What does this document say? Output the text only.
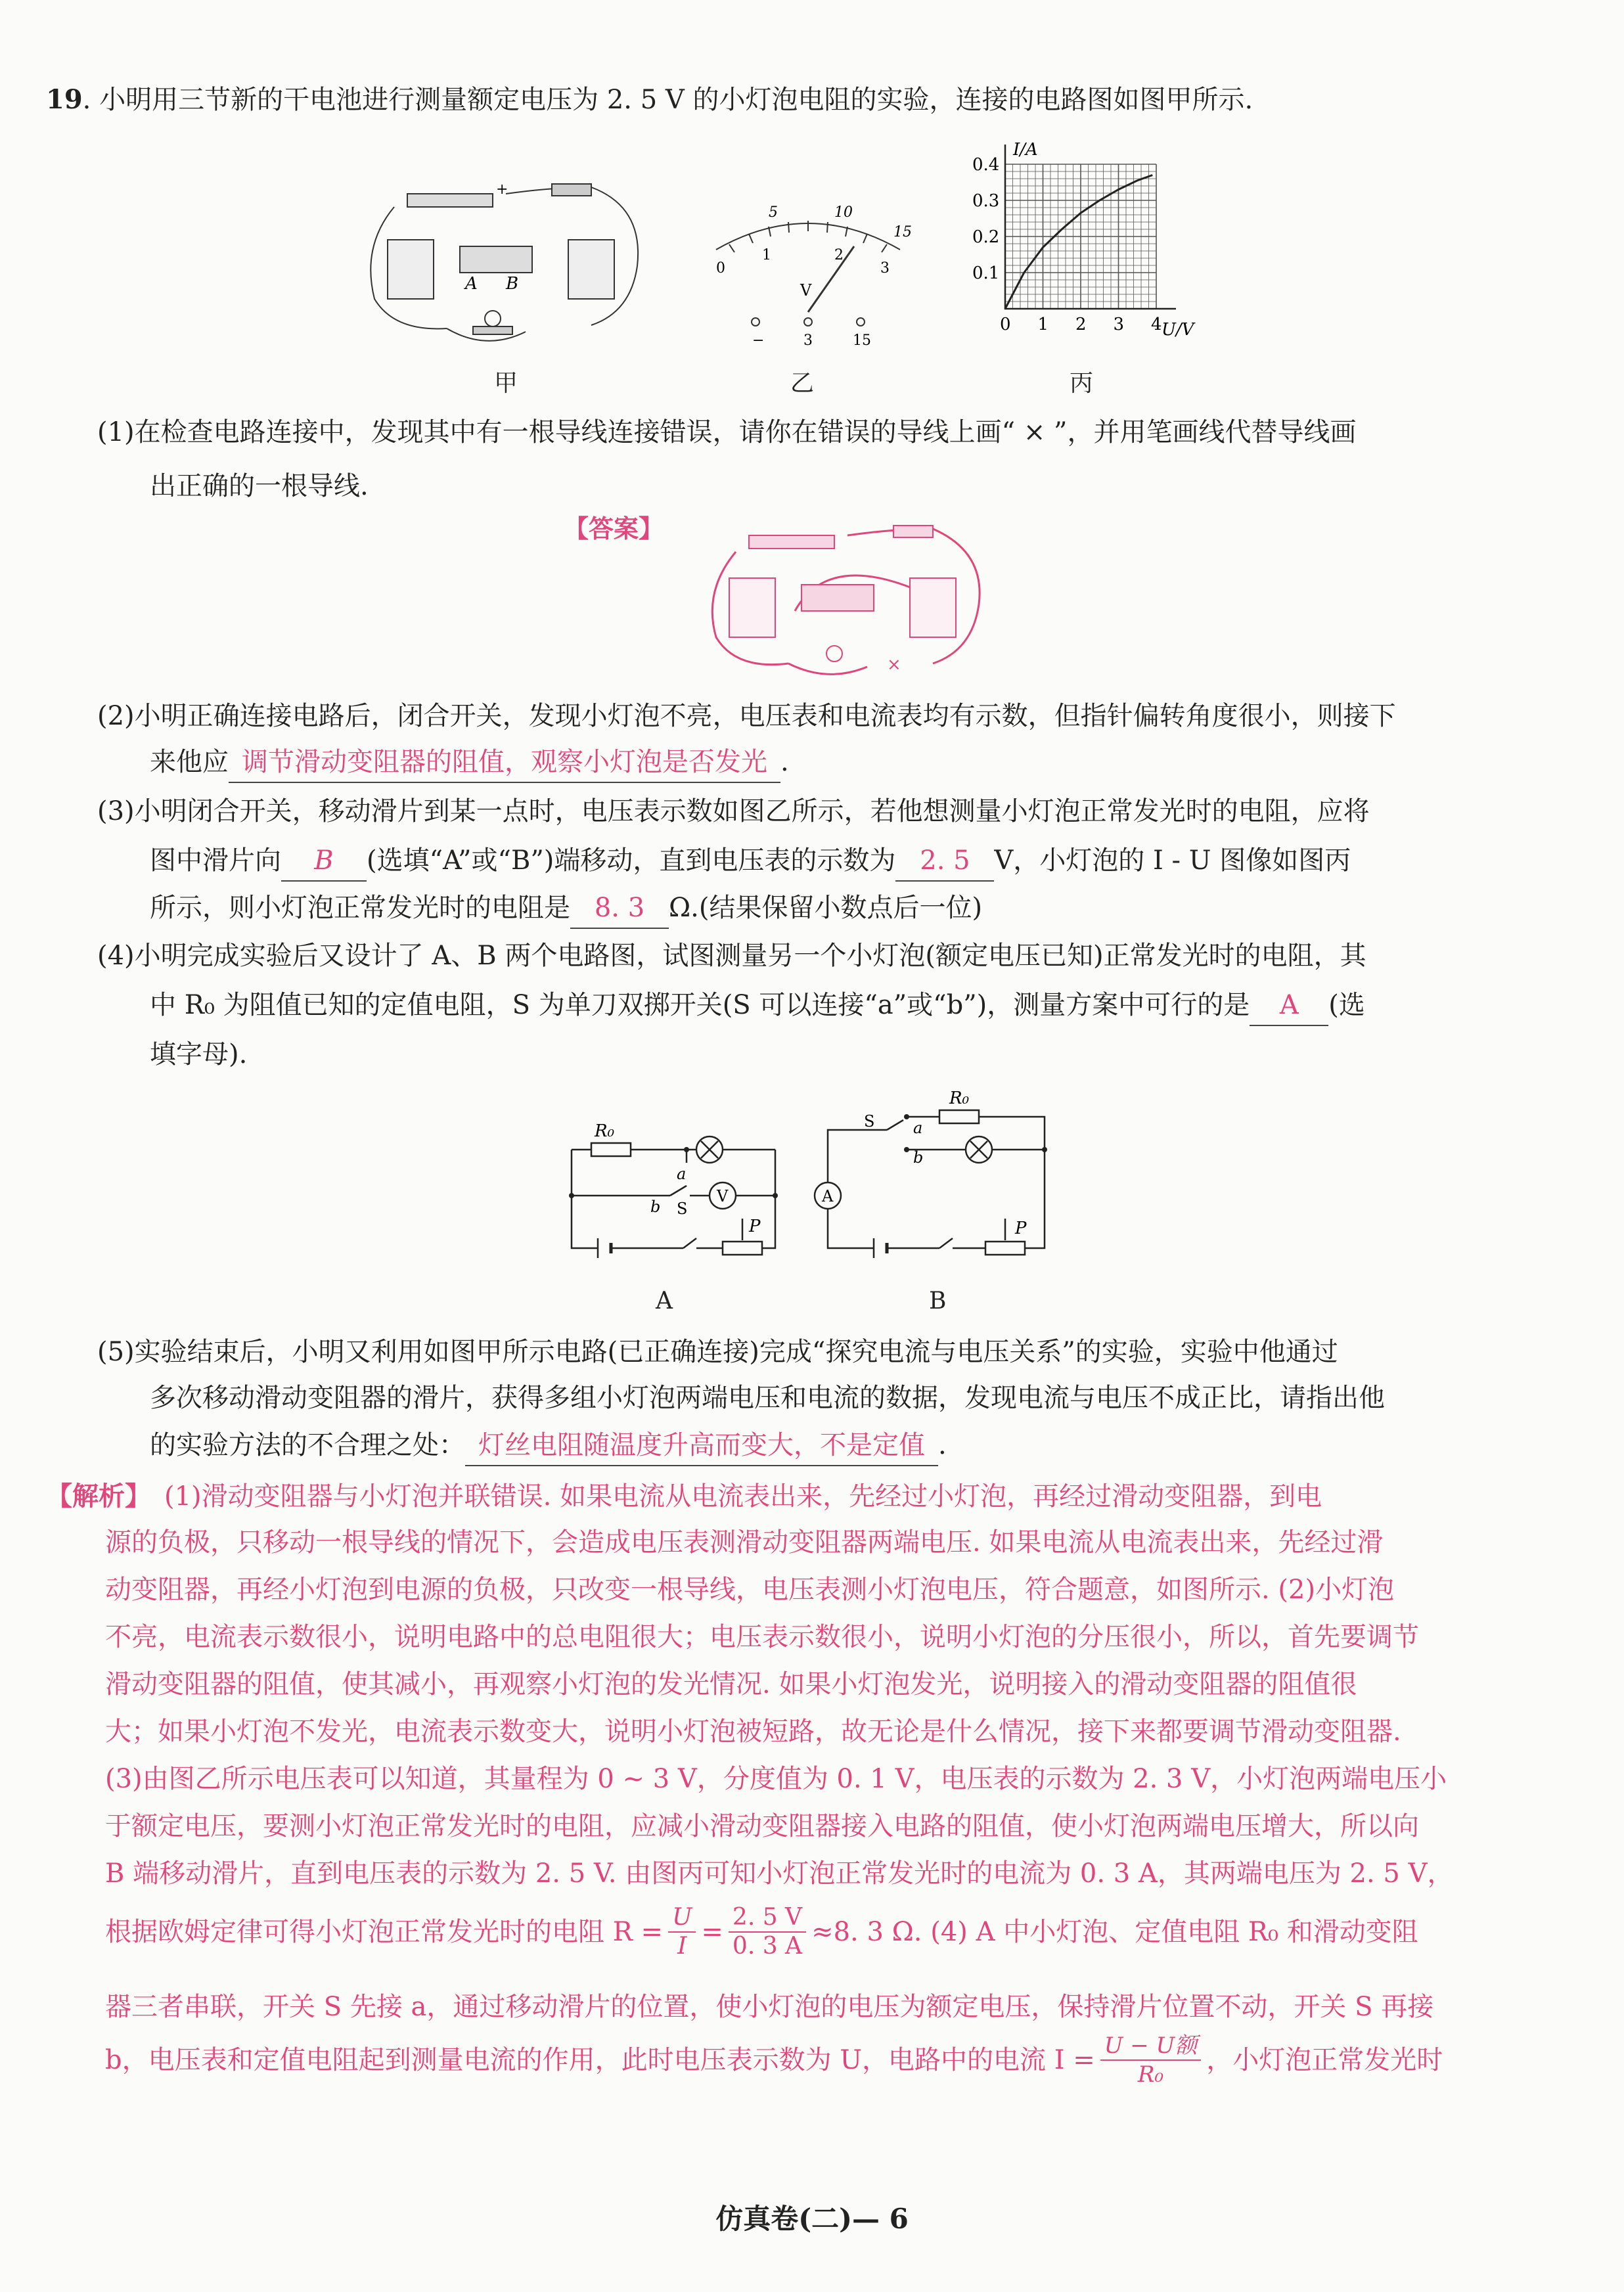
19. 小明用三节新的干电池进行测量额定电压为 2. 5 V 的小灯泡电阻的实验，连接的电路图如图甲所示.
+
A B
甲
5	10
15
0
1	2
3
V
−	3	15
乙
0 1 2 3 4
0.1
0.2
0.3
0.4
I/A
U/V
丙
(1)在检查电路连接中，发现其中有一根导线连接错误，请你在错误的导线上画“ × ”，并用笔画线代替导线画
出正确的一根导线.
【答案】
×
(2)小明正确连接电路后，闭合开关，发现小灯泡不亮，电压表和电流表均有示数，但指针偏转角度很小，则接下
来他应 调节滑动变阻器的阻值，观察小灯泡是否发光 .
(3)小明闭合开关，移动滑片到某一点时，电压表示数如图乙所示，若他想测量小灯泡正常发光时的电阻，应将
图中滑片向 B (选填“A”或“B”)端移动，直到电压表的示数为 2. 5 V，小灯泡的 I - U 图像如图丙
所示，则小灯泡正常发光时的电阻是 8. 3 Ω.(结果保留小数点后一位)
(4)小明完成实验后又设计了 A、B 两个电路图，试图测量另一个小灯泡(额定电压已知)正常发光时的电阻，其
中 R₀ 为阻值已知的定值电阻，S 为单刀双掷开关(S 可以连接“a”或“b”)，测量方案中可行的是 A (选
填字母).
R₀
a
b S
V
P
A
R₀
a
b
S
A
P
B
(5)实验结束后，小明又利用如图甲所示电路(已正确连接)完成“探究电流与电压关系”的实验，实验中他通过
多次移动滑动变阻器的滑片，获得多组小灯泡两端电压和电流的数据，发现电流与电压不成正比，请指出他
的实验方法的不合理之处： 灯丝电阻随温度升高而变大，不是定值 .
【解析】 (1)滑动变阻器与小灯泡并联错误. 如果电流从电流表出来，先经过小灯泡，再经过滑动变阻器，到电
源的负极，只移动一根导线的情况下，会造成电压表测滑动变阻器两端电压. 如果电流从电流表出来，先经过滑
动变阻器，再经小灯泡到电源的负极，只改变一根导线，电压表测小灯泡电压，符合题意，如图所示. (2)小灯泡
不亮，电流表示数很小，说明电路中的总电阻很大；电压表示数很小，说明小灯泡的分压很小，所以，首先要调节
滑动变阻器的阻值，使其减小，再观察小灯泡的发光情况. 如果小灯泡发光，说明接入的滑动变阻器的阻值很
大；如果小灯泡不发光，电流表示数变大，说明小灯泡被短路，故无论是什么情况，接下来都要调节滑动变阻器.
(3)由图乙所示电压表可以知道，其量程为 0 ~ 3 V，分度值为 0. 1 V，电压表的示数为 2. 3 V，小灯泡两端电压小
于额定电压，要测小灯泡正常发光时的电阻，应减小滑动变阻器接入电路的阻值，使小灯泡两端电压增大，所以向
B 端移动滑片，直到电压表的示数为 2. 5 V. 由图丙可知小灯泡正常发光时的电流为 0. 3 A，其两端电压为 2. 5 V，
根据欧姆定律可得小灯泡正常发光时的电阻 $R = \frac{U}{I} = \frac{2. 5 V}{0. 3 A} \approx 8$. 3 Ω. (4) A 中小灯泡、定值电阻 R₀ 和滑动变阻
器三者串联，开关 S 先接 a，通过移动滑片的位置，使小灯泡的电压为额定电压，保持滑片位置不动，开关 S 再接
b，电压表和定值电阻起到测量电流的作用，此时电压表示数为 U，电路中的电流 I = U − U额
R₀ ，小灯泡正常发光时
仿真卷(二)— 6
